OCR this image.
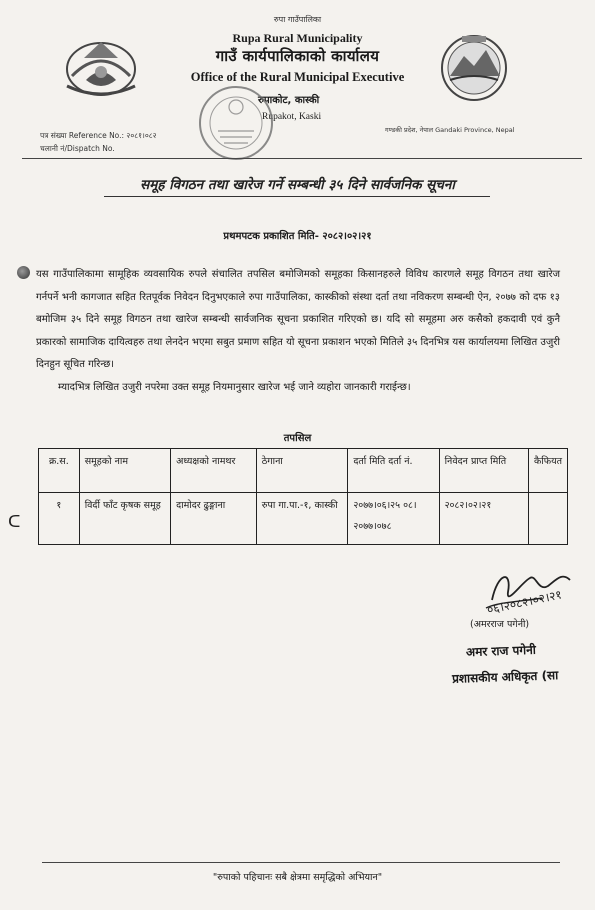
रुपा गाउँपालिका
Rupa Rural Municipality
गाउँ कार्यपालिकाको कार्यालय
Office of the Rural Municipal Executive
रुपाकोट, कास्की
Rupakot, Kaski
पत्र संख्या Reference No.: २०८१।०८२
चलानी नं/Dispatch No.
गण्डकी प्रदेश, नेपाल Gandaki Province, Nepal
समूह विगठन तथा खारेज गर्ने सम्बन्धी ३५ दिने सार्वजनिक सूचना
प्रथमपटक प्रकाशित मिति- २०८२।०२।२१

यस गाउँपालिकामा सामूहिक व्यवसायिक रुपले संचालित तपसिल बमोजिमको समूहका किसानहरुले विविध कारणले समूह विगठन तथा खारेज गर्नपर्ने भनी कागजात सहित रितपूर्वक निवेदन दिनुभएकाले रुपा गाउँपालिका, कास्कीको संस्था दर्ता तथा नविकरण सम्बन्धी ऐन, २०७७ को दफ १३ बमोजिम ३५ दिने समूह विगठन तथा खारेज सम्बन्धी सार्वजनिक सूचना प्रकाशित गरिएको छ। यदि सो समूहमा अरु कसैको हकदावी एवं कुनै प्रकारको सामाजिक दायित्वहरु तथा लेनदेन भएमा सबुत प्रमाण सहित यो सूचना प्रकाशन भएको मितिले ३५ दिनभित्र यस कार्यालयमा लिखित उजुरी दिनहुन सूचित गरिन्छ।

म्यादभित्र लिखित उजुरी नपरेमा उक्त समूह नियमानुसार खारेज भई जाने व्यहोरा जानकारी गराईन्छ।

तपसिल
क्र.स.	समूहको नाम	अध्यक्षको नामथर	ठेगाना	दर्ता मिति दर्ता नं.	निवेदन प्राप्त मिति	कैफियत
१	विर्दी फाँट कृषक समूह	दामोदर ढुङ्गाना	रुपा गा.पा.-१, कास्की	२०७७।०६।२५ ०८।२०७७।०७८	२०८२।०२।२१	
ᑕ
०६।२०८२।०२।२१
(अमरराज पगेनी)
अमर राज पगेनी
प्रशासकीय अधिकृत (सा
"रुपाको पहिचानः सबै क्षेत्रमा समृद्धिको अभियान"
